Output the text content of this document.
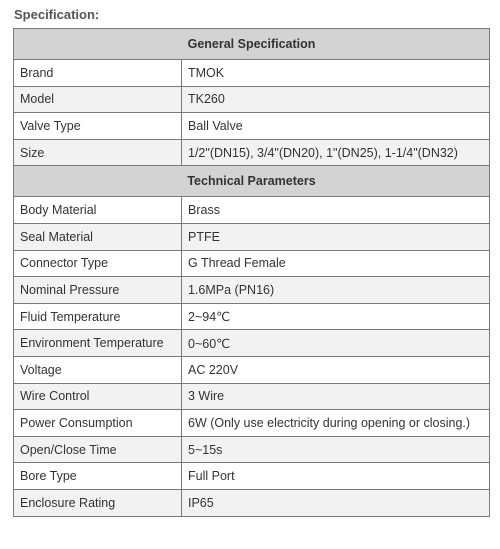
Specification:
General Specification	
Brand	TMOK
Model	TK260
Valve Type	Ball Valve
Size	1/2"(DN15), 3/4"(DN20), 1"(DN25), 1-1/4"(DN32)
Technical Parameters	
Body Material	Brass
Seal Material	PTFE
Connector Type	G Thread Female
Nominal Pressure	1.6MPa (PN16)
Fluid Temperature	2~94℃
Environment Temperature	0~60℃
Voltage	AC 220V
Wire Control	3 Wire
Power Consumption	6W (Only use electricity during opening or closing.)
Open/Close Time	5~15s
Bore Type	Full Port
Enclosure Rating	IP65
